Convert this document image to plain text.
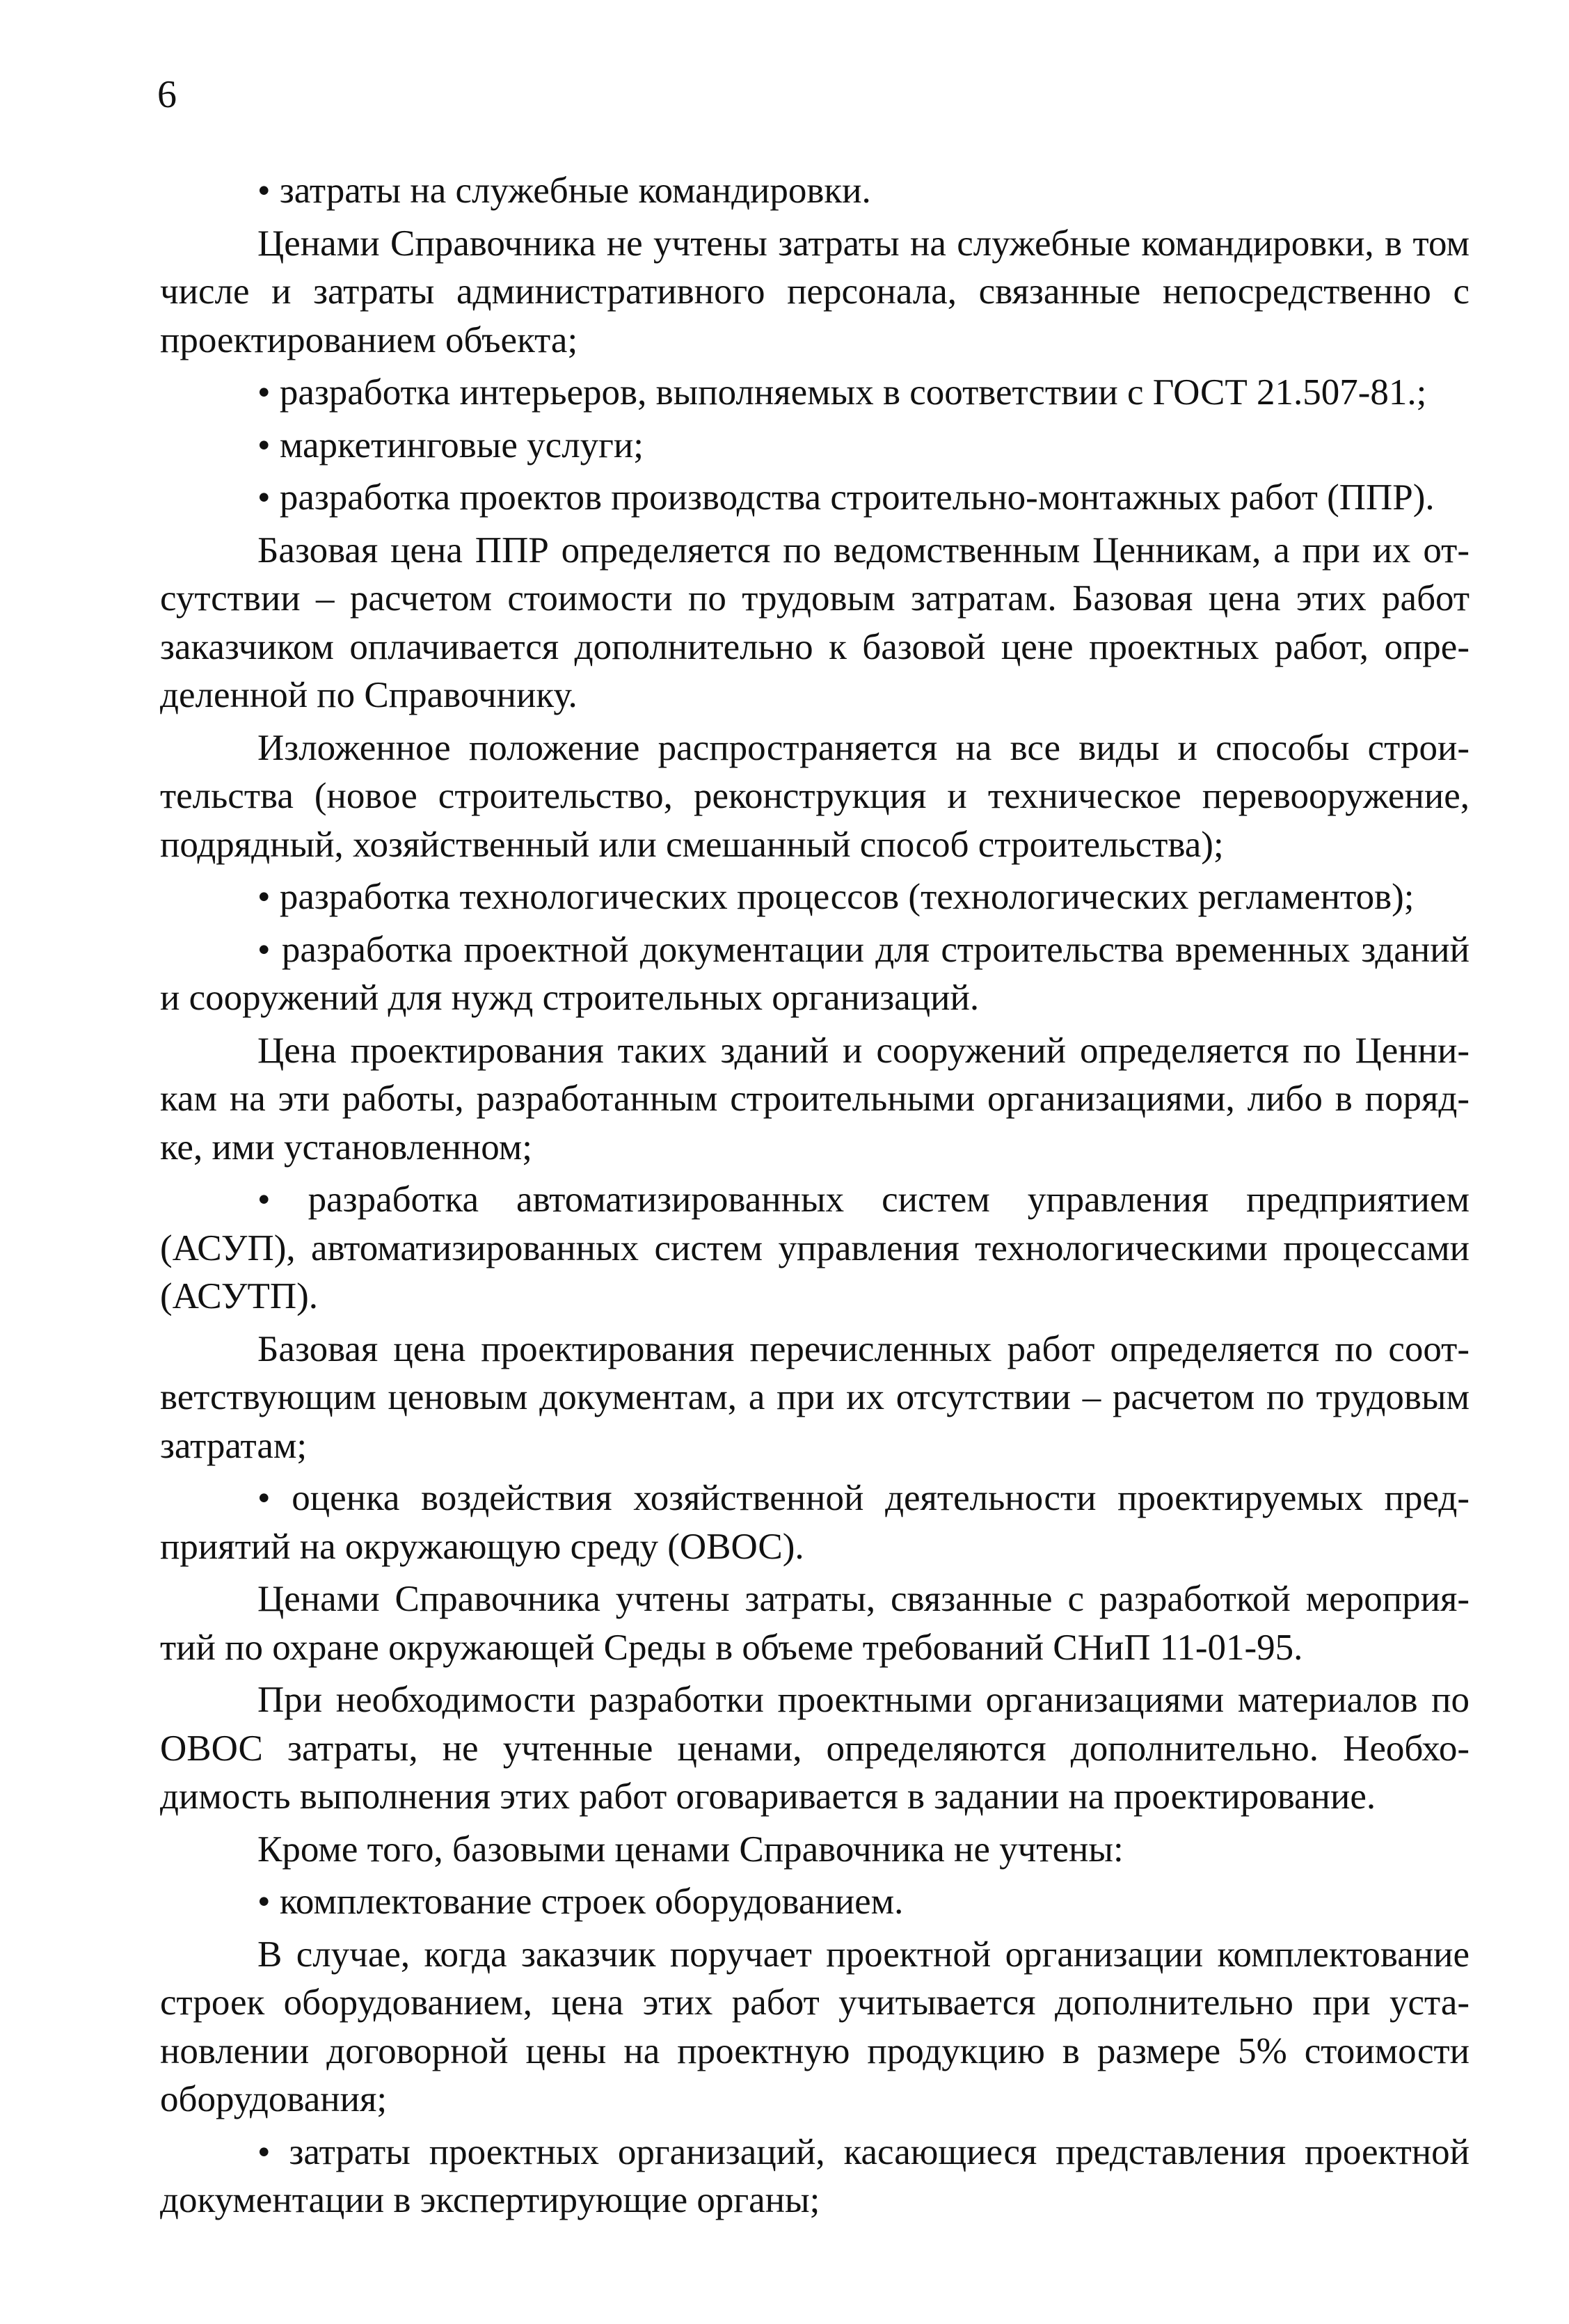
6

• затраты на служебные командировки.

Ценами Справочника не учтены затраты на служебные командировки, в том числе и затраты административного персонала, связанные непосредственно с проектированием объекта;

• разработка интерьеров, выполняемых в соответствии с ГОСТ 21.507-81.;

• маркетинговые услуги;

• разработка проектов производства строительно-монтажных работ (ППР).

Базовая цена ППР определяется по ведомственным Ценникам, а при их отсутствии – расчетом стоимости по трудовым затратам. Базовая цена этих работ заказчиком оплачивается дополнительно к базовой цене проектных работ, определенной по Справочнику.

Изложенное положение распространяется на все виды и способы строительства (новое строительство, реконструкция и техническое перевооружение, подрядный, хозяйственный или смешанный способ строительства);

• разработка технологических процессов (технологических регламентов);

• разработка проектной документации для строительства временных зданий и сооружений для нужд строительных организаций.

Цена проектирования таких зданий и сооружений определяется по Ценникам на эти работы, разработанным строительными организациями, либо в порядке, ими установленном;

• разработка автоматизированных систем управления предприятием (АСУП), автоматизированных систем управления технологическими процессами (АСУТП).

Базовая цена проектирования перечисленных работ определяется по соответствующим ценовым документам, а при их отсутствии – расчетом по трудовым затратам;

• оценка воздействия хозяйственной деятельности проектируемых предприятий на окружающую среду (ОВОС).

Ценами Справочника учтены затраты, связанные с разработкой мероприятий по охране окружающей Среды в объеме требований СНиП 11-01-95.

При необходимости разработки проектными организациями материалов по ОВОС затраты, не учтенные ценами, определяются дополнительно. Необходимость выполнения этих работ оговаривается в задании на проектирование.

Кроме того, базовыми ценами Справочника не учтены:

• комплектование строек оборудованием.

В случае, когда заказчик поручает проектной организации комплектование строек оборудованием, цена этих работ учитывается дополнительно при установлении договорной цены на проектную продукцию в размере 5% стоимости оборудования;

• затраты проектных организаций, касающиеся представления проектной документации в экспертирующие органы;
